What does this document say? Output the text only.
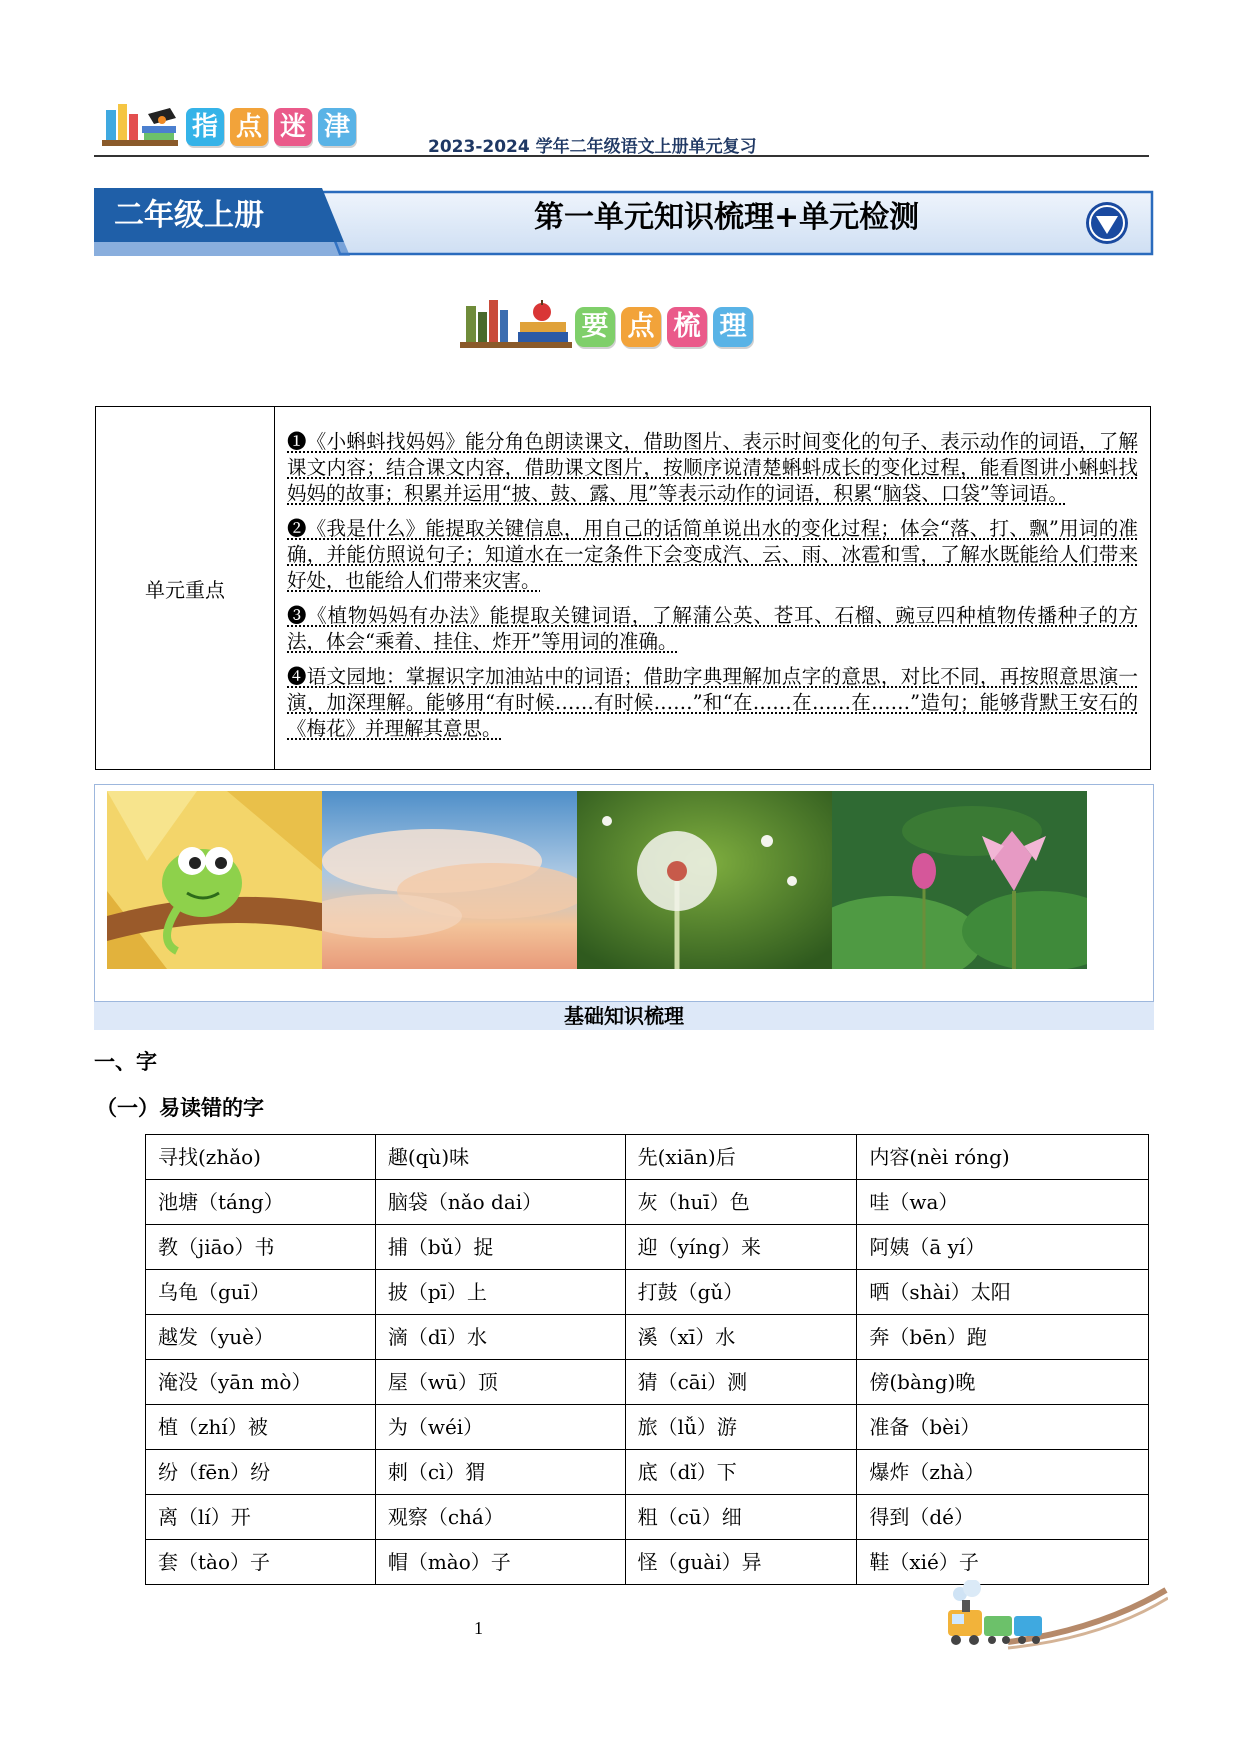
指 点 迷 津
2023-2024 学年二年级语文上册单元复习
二年级上册	第一单元知识梳理+单元检测
要 点 梳 理
单元重点	

❶《小蝌蚪找妈妈》能分角色朗读课文，借助图片、表示时间变化的句子、表示动作的词语，了解课文内容；结合课文内容，借助课文图片，按顺序说清楚蝌蚪成长的变化过程，能看图讲小蝌蚪找妈妈的故事；积累并运用“披、鼓、露、甩”等表示动作的词语，积累“脑袋、口袋”等词语。

❷《我是什么》能提取关键信息，用自己的话简单说出水的变化过程；体会“落、打、飘”用词的准确，并能仿照说句子；知道水在一定条件下会变成汽、云、雨、冰雹和雪，了解水既能给人们带来好处，也能给人们带来灾害。

❸《植物妈妈有办法》能提取关键词语，了解蒲公英、苍耳、石榴、豌豆四种植物传播种子的方法，体会“乘着、挂住、炸开”等用词的准确。

❹语文园地：掌握识字加油站中的词语；借助字典理解加点字的意思，对比不同，再按照意思演一演，加深理解。能够用“有时候……有时候……”和“在……在……在……”造句；能够背默王安石的《梅花》并理解其意思。

基础知识梳理
一、字
（一）易读错的字
寻找(zhǎo)	趣(qù)味	先(xiān)后	内容(nèi róng)
池塘（táng）	脑袋（nǎo dai）	灰（huī）色	哇（wa）
教（jiāo）书	捕（bǔ）捉	迎（yíng）来	阿姨（ā yí）
乌龟（guī）	披（pī）上	打鼓（gǔ）	晒（shài）太阳
越发（yuè）	滴（dī）水	溪（xī）水	奔（bēn）跑
淹没（yān mò）	屋（wū）顶	猜（cāi）测	傍(bàng)晚
植（zhí）被	为（wéi）	旅（lǚ）游	准备（bèi）
纷（fēn）纷	刺（cì）猬	底（dǐ）下	爆炸（zhà）
离（lí）开	观察（chá）	粗（cū）细	得到（dé）
套（tào）子	帽（mào）子	怪（guài）异	鞋（xié）子
1
